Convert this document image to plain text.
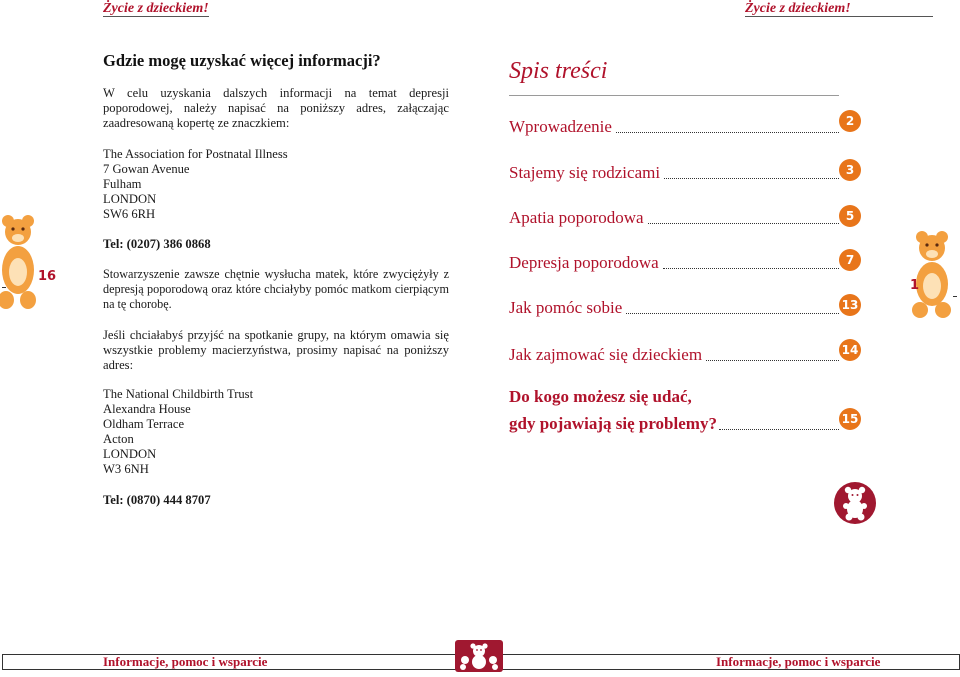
Życie z dzieckiem!	Życie z dzieckiem!
Gdzie mogę uzyskać więcej informacji?
W celu uzyskania dalszych informacji na temat depresji poporodowej, należy napisać na poniższy adres, załączając zaadresowaną kopertę ze znaczkiem:
The Association for Postnatal Illness
7 Gowan Avenue
Fulham
LONDON
SW6 6RH
Tel: (0207) 386 0868
Stowarzyszenie zawsze chętnie wysłucha matek, które zwyciężyły z depresją poporodową oraz które chciałyby pomóc matkom cierpiącym na tę chorobę.
Jeśli chciałabyś przyjść na spotkanie grupy, na którym omawia się wszystkie problemy macierzyństwa, prosimy napisać na poniższy adres:
The National Childbirth Trust
Alexandra House
Oldham Terrace
Acton
LONDON
W3 6NH
Tel: (0870) 444 8707
16
Spis treści
Wprowadzenie	2
Stajemy się rodzicami	3
Apatia poporodowa	5
Depresja poporodowa	7
Jak pomóc sobie	13
Jak zajmować się dzieckiem	14
Do kogo możesz się udać,
gdy pojawiają się problemy?	15
1
Informacje, pomoc i wsparcie	Informacje, pomoc i wsparcie
